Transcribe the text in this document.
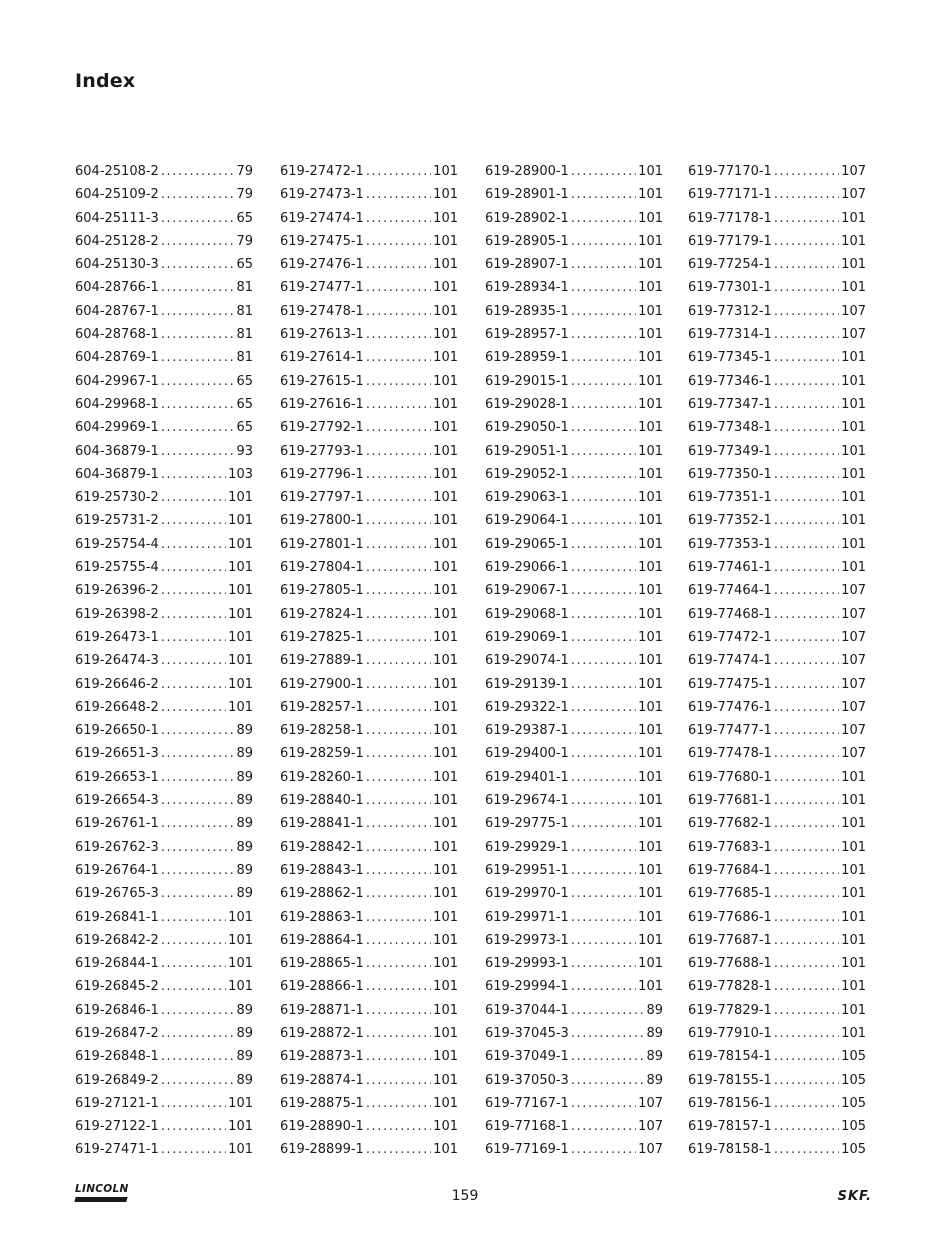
Index
604-25108-2 .....	79
604-25109-2 .....	79
604-25111-3 .....	65
604-25128-2 .....	79
604-25130-3 .....	65
604-28766-1 .....	81
604-28767-1 .....	81
604-28768-1 .....	81
604-28769-1 .....	81
604-29967-1 .....	65
604-29968-1 .....	65
604-29969-1 .....	65
604-36879-1 .....	93
604-36879-1 .....	103
619-25730-2 .....	101
619-25731-2 .....	101
619-25754-4 .....	101
619-25755-4 .....	101
619-26396-2 .....	101
619-26398-2 .....	101
619-26473-1 .....	101
619-26474-3 .....	101
619-26646-2 .....	101
619-26648-2 .....	101
619-26650-1 .....	89
619-26651-3 .....	89
619-26653-1 .....	89
619-26654-3 .....	89
619-26761-1 .....	89
619-26762-3 .....	89
619-26764-1 .....	89
619-26765-3 .....	89
619-26841-1 .....	101
619-26842-2 .....	101
619-26844-1 .....	101
619-26845-2 .....	101
619-26846-1 .....	89
619-26847-2 .....	89
619-26848-1 .....	89
619-26849-2 .....	89
619-27121-1 .....	101
619-27122-1 .....	101
619-27471-1 .....	101
619-27472-1 .....	101
619-27473-1 .....	101
619-27474-1 .....	101
619-27475-1 .....	101
619-27476-1 .....	101
619-27477-1 .....	101
619-27478-1 .....	101
619-27613-1 .....	101
619-27614-1 .....	101
619-27615-1 .....	101
619-27616-1 .....	101
619-27792-1 .....	101
619-27793-1 .....	101
619-27796-1 .....	101
619-27797-1 .....	101
619-27800-1 .....	101
619-27801-1 .....	101
619-27804-1 .....	101
619-27805-1 .....	101
619-27824-1 .....	101
619-27825-1 .....	101
619-27889-1 .....	101
619-27900-1 .....	101
619-28257-1 .....	101
619-28258-1 .....	101
619-28259-1 .....	101
619-28260-1 .....	101
619-28840-1 .....	101
619-28841-1 .....	101
619-28842-1 .....	101
619-28843-1 .....	101
619-28862-1 .....	101
619-28863-1 .....	101
619-28864-1 .....	101
619-28865-1 .....	101
619-28866-1 .....	101
619-28871-1 .....	101
619-28872-1 .....	101
619-28873-1 .....	101
619-28874-1 .....	101
619-28875-1 .....	101
619-28890-1 .....	101
619-28899-1 .....	101
619-28900-1 .....	101
619-28901-1 .....	101
619-28902-1 .....	101
619-28905-1 .....	101
619-28907-1 .....	101
619-28934-1 .....	101
619-28935-1 .....	101
619-28957-1 .....	101
619-28959-1 .....	101
619-29015-1 .....	101
619-29028-1 .....	101
619-29050-1 .....	101
619-29051-1 .....	101
619-29052-1 .....	101
619-29063-1 .....	101
619-29064-1 .....	101
619-29065-1 .....	101
619-29066-1 .....	101
619-29067-1 .....	101
619-29068-1 .....	101
619-29069-1 .....	101
619-29074-1 .....	101
619-29139-1 .....	101
619-29322-1 .....	101
619-29387-1 .....	101
619-29400-1 .....	101
619-29401-1 .....	101
619-29674-1 .....	101
619-29775-1 .....	101
619-29929-1 .....	101
619-29951-1 .....	101
619-29970-1 .....	101
619-29971-1 .....	101
619-29973-1 .....	101
619-29993-1 .....	101
619-29994-1 .....	101
619-37044-1 .....	89
619-37045-3 .....	89
619-37049-1 .....	89
619-37050-3 .....	89
619-77167-1 .....	107
619-77168-1 .....	107
619-77169-1 .....	107
619-77170-1 .....	107
619-77171-1 .....	107
619-77178-1 .....	101
619-77179-1 .....	101
619-77254-1 .....	101
619-77301-1 .....	101
619-77312-1 .....	107
619-77314-1 .....	107
619-77345-1 .....	101
619-77346-1 .....	101
619-77347-1 .....	101
619-77348-1 .....	101
619-77349-1 .....	101
619-77350-1 .....	101
619-77351-1 .....	101
619-77352-1 .....	101
619-77353-1 .....	101
619-77461-1 .....	101
619-77464-1 .....	107
619-77468-1 .....	107
619-77472-1 .....	107
619-77474-1 .....	107
619-77475-1 .....	107
619-77476-1 .....	107
619-77477-1 .....	107
619-77478-1 .....	107
619-77680-1 .....	101
619-77681-1 .....	101
619-77682-1 .....	101
619-77683-1 .....	101
619-77684-1 .....	101
619-77685-1 .....	101
619-77686-1 .....	101
619-77687-1 .....	101
619-77688-1 .....	101
619-77828-1 .....	101
619-77829-1 .....	101
619-77910-1 .....	101
619-78154-1 .....	105
619-78155-1 .....	105
619-78156-1 .....	105
619-78157-1 .....	105
619-78158-1 .....	105
LINCOLN	159	SKF.
